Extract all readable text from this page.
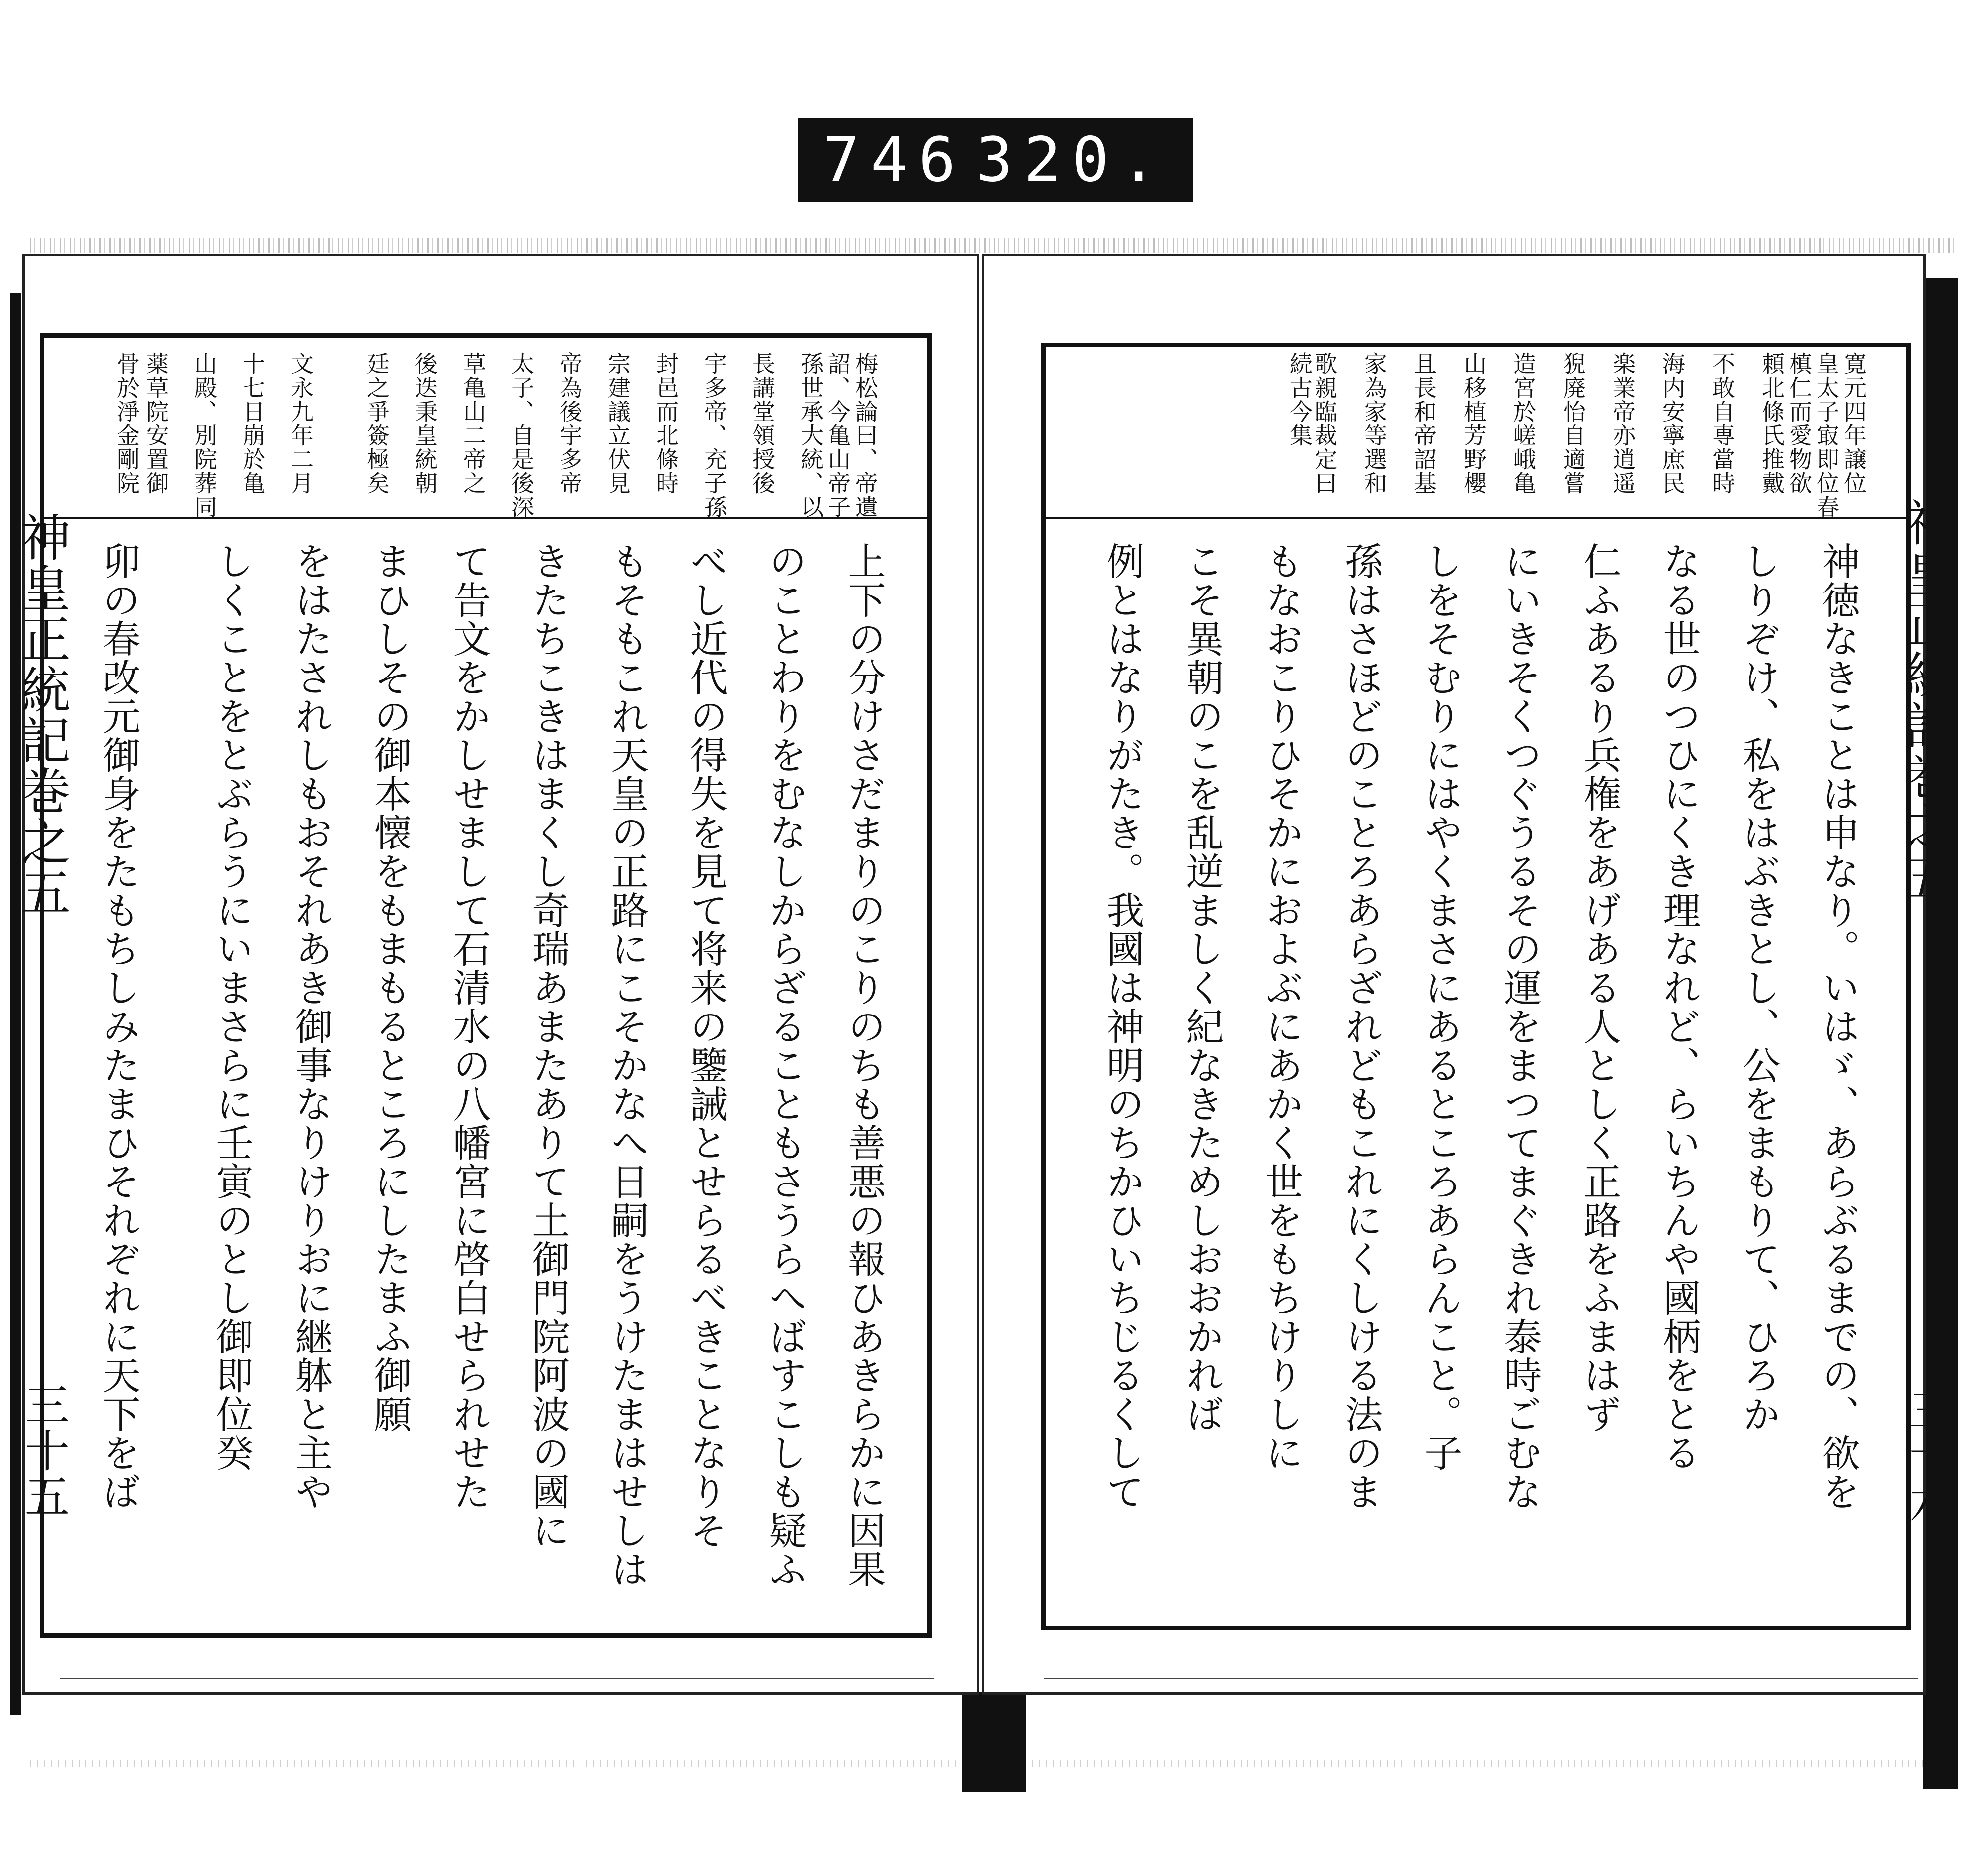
746 320.
神皇正統記巻之五
三十五
梅松論曰、帝遺
詔、今亀山帝子
孫世承大統、以
長講堂領授後
宇多帝、充子孫
封邑而北條時
宗建議立伏見
帝為後宇多帝
太子、自是後深
草亀山二帝之
後迭秉皇統朝
廷之爭簽極矣
文永九年二月
十七日崩於亀
山殿、別院葬同
薬草院安置御
骨於淨金剛院
上下の分けさだまりのこりのちも善悪の報ひあきらかに因果
のことわりをむなしからざることもさうらへばすこしも疑ふ
べし近代の得失を見て将来の鑒誡とせらるべきことなりそ
もそもこれ天皇の正路にこそかなへ日嗣をうけたまはせしは
きたちこきはまくし奇瑞あまたありて土御門院阿波の國に
て告文をかしせまして石清水の八幡宮に啓白せられせた
まひしその御本懐をもまもるところにしたまふ御願
をはたされしもおそれあき御事なりけりおに継躰と主や
しくことをとぶらうにいまさらに壬寅のとし御即位癸
卯の春改元御身をたもちしみたまひそれぞれに天下をば	神皇正統記巻之五
三十六
寛元四年譲位
皇太子㝡即位春
槙仁而愛物欲
頼北條氏推戴
不敢自専當時
海内安寧庶民
楽業帝亦逍遥
猊廃怡自適嘗
造宮於嵯峨亀
山移植芳野櫻
且長和帝詔基
家為家等選和
歌親臨裁定曰
続古今集
神徳なきことは申なり。いはゞ、あらぶるまでの、欲を
しりぞけ、私をはぶきとし、公をまもりて、ひろか
なる世のつひにくき理なれど、らいちんや國柄をとる
仁ふあるり兵権をあげある人としく正路をふまはず
にいきそくつぐうるその運をまつてまぐきれ泰時ごむな
しをそむりにはやくまさにあるところあらんこと。子
孫はさほどのことろあらざれどもこれにくしける法のま
もなおこりひそかにおよぶにあかく世をもちけりしに
こそ異朝のこを乱逆ましく紀なきためしおおかれば
例とはなりがたき。我國は神明のちかひいちじるくして
